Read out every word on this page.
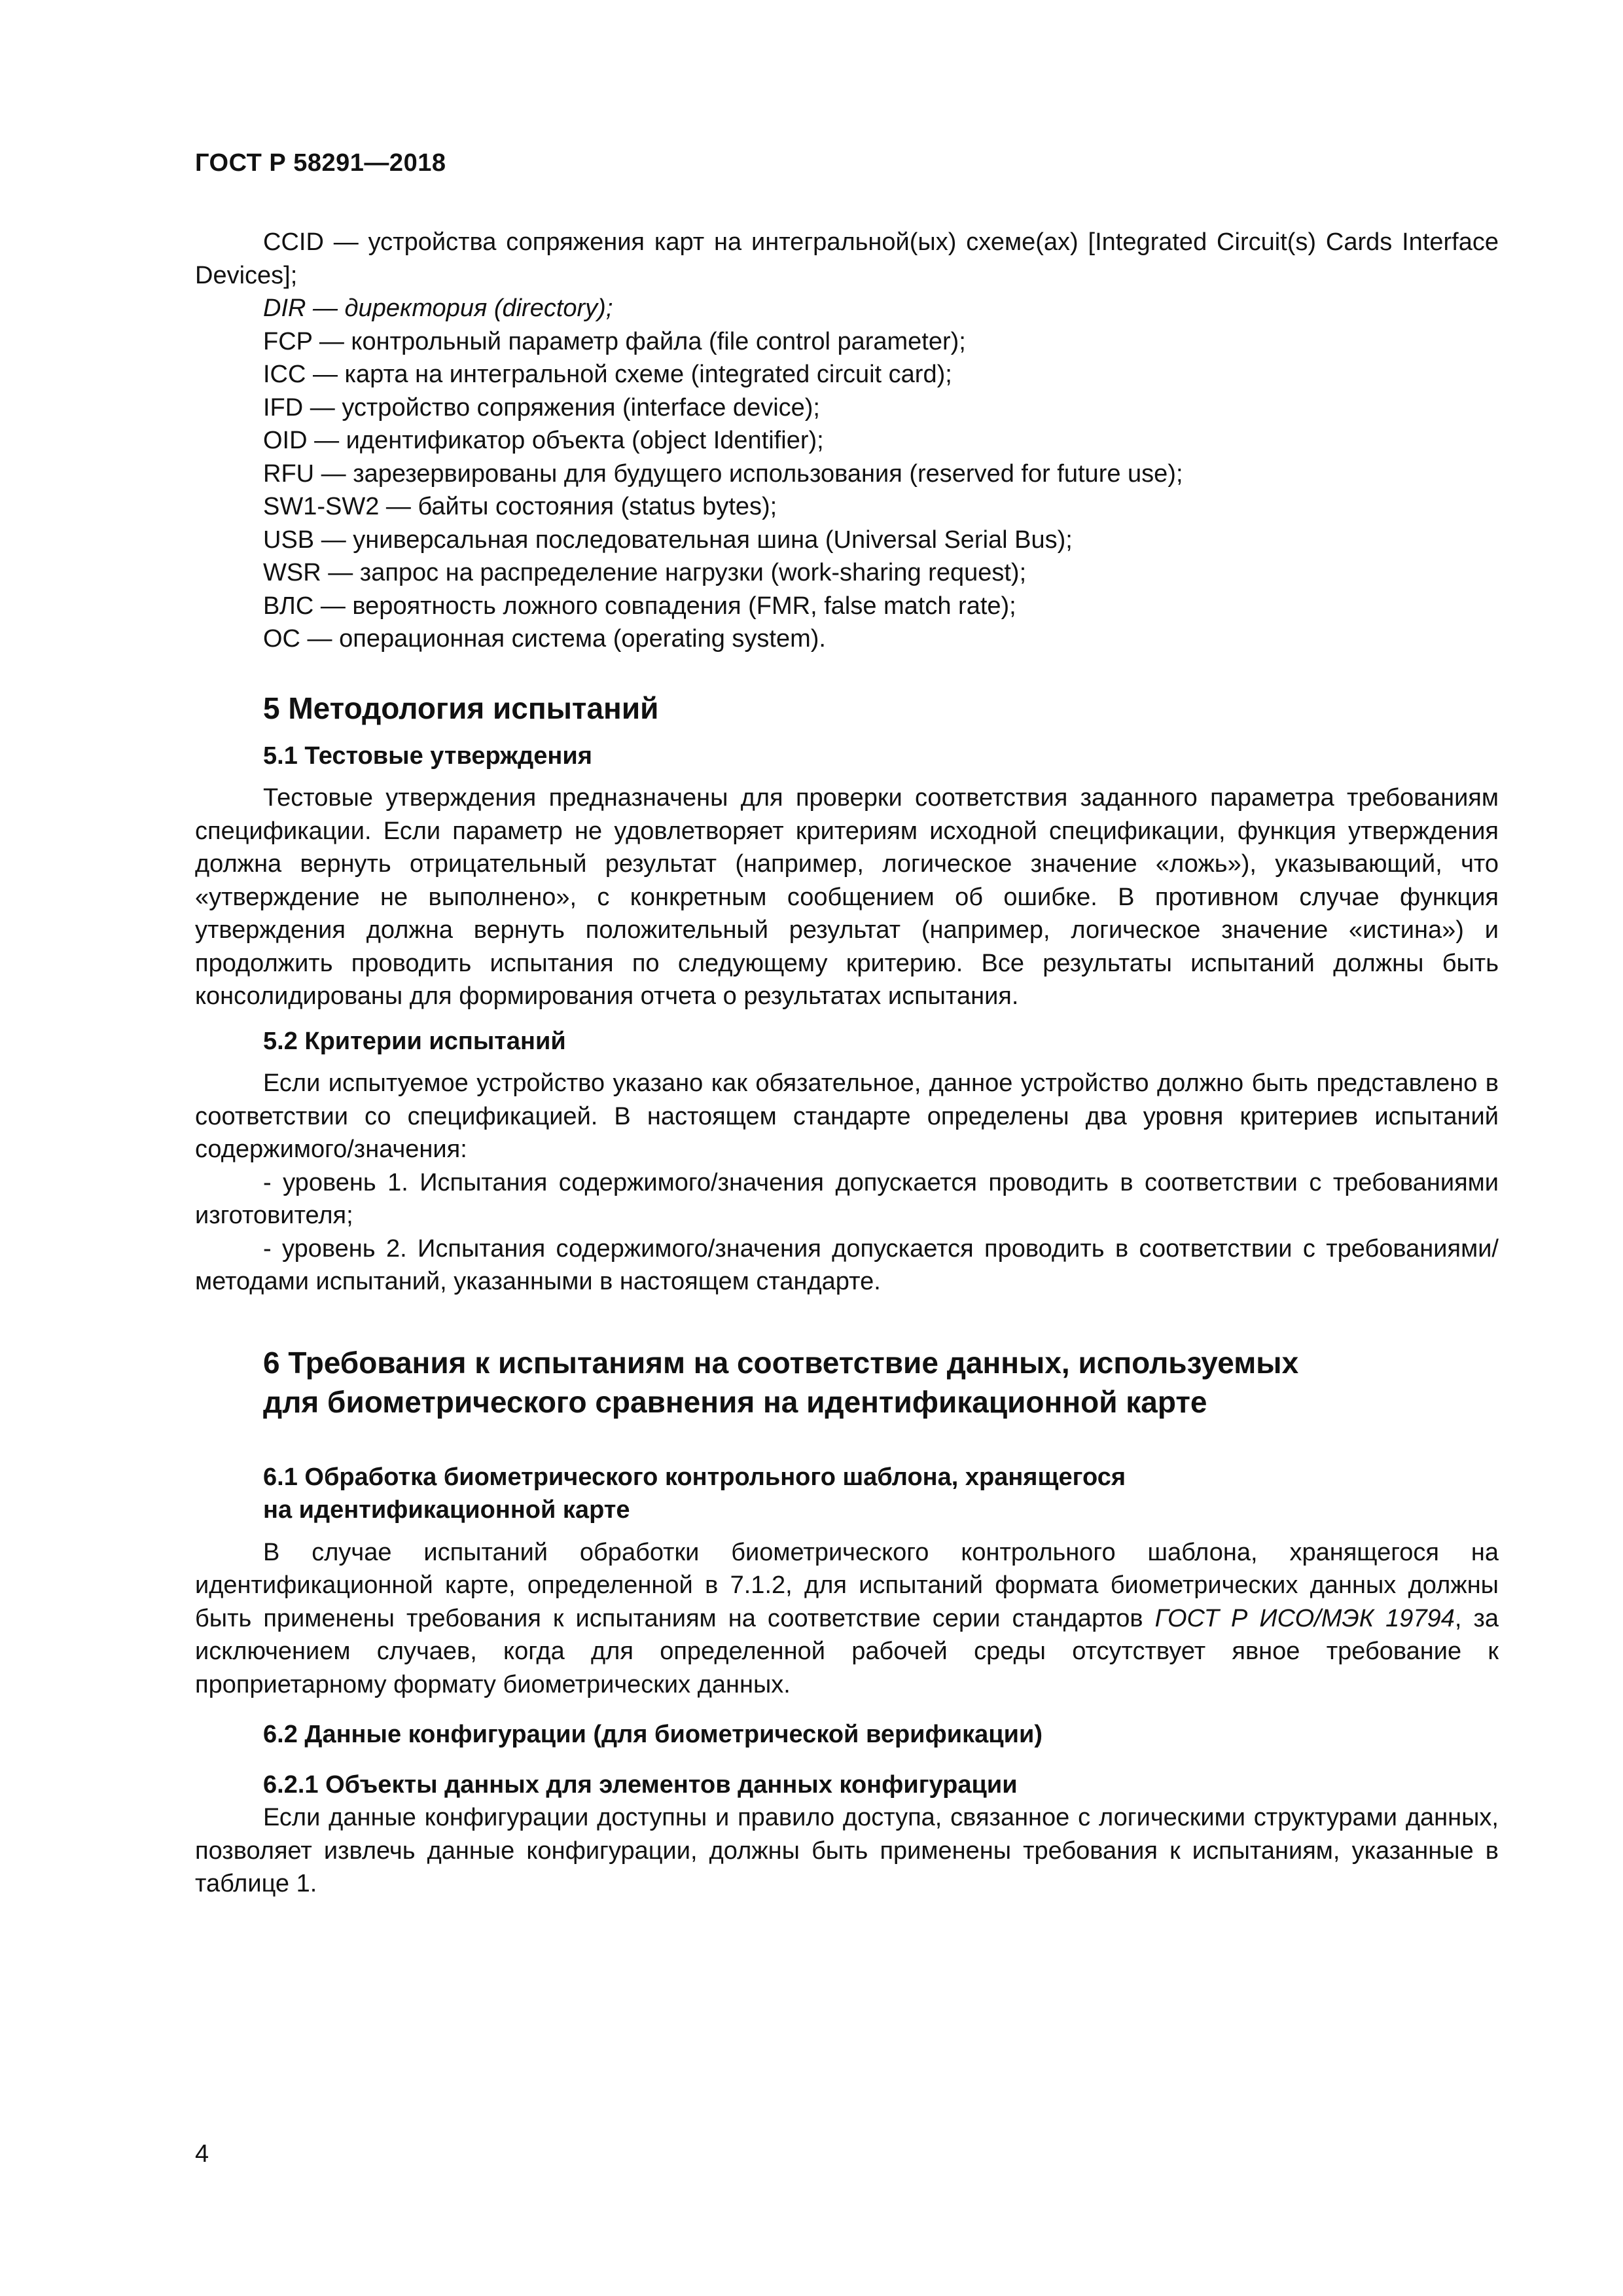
ГОСТ Р 58291—2018

CCID — устройства сопряжения карт на интегральной(ых) схеме(ах) [Integrated Circuit(s) Cards Interface Devices];

DIR — директория (directory);

FCP — контрольный параметр файла (file control parameter);

ICC — карта на интегральной схеме (integrated circuit card);

IFD — устройство сопряжения (interface device);

OID — идентификатор объекта (object Identifier);

RFU — зарезервированы для будущего использования (reserved for future use);

SW1-SW2 — байты состояния (status bytes);

USB — универсальная последовательная шина (Universal Serial Bus);

WSR — запрос на распределение нагрузки (work-sharing request);

ВЛС — вероятность ложного совпадения (FMR, false match rate);

ОС — операционная система (operating system).

5 Методология испытаний
5.1 Тестовые утверждения

Тестовые утверждения предназначены для проверки соответствия заданного параметра требованиям спецификации. Если параметр не удовлетворяет критериям исходной спецификации, функция утверждения должна вернуть отрицательный результат (например, логическое значение «ложь»), указывающий, что «утверждение не выполнено», с конкретным сообщением об ошибке. В противном случае функция утверждения должна вернуть положительный результат (например, логическое значение «истина») и продолжить проводить испытания по следующему критерию. Все результаты испытаний должны быть консолидированы для формирования отчета о результатах испытания.

5.2 Критерии испытаний

Если испытуемое устройство указано как обязательное, данное устройство должно быть представлено в соответствии со спецификацией. В настоящем стандарте определены два уровня критериев испытаний содержимого/значения:

- уровень 1. Испытания содержимого/значения допускается проводить в соответствии с требованиями изготовителя;

- уровень 2. Испытания содержимого/значения допускается проводить в соответствии с требованиями/методами испытаний, указанными в настоящем стандарте.

6 Требования к испытаниям на соответствие данных, используемых
для биометрического сравнения на идентификационной карте
6.1 Обработка биометрического контрольного шаблона, хранящегося
на идентификационной карте

В случае испытаний обработки биометрического контрольного шаблона, хранящегося на идентификационной карте, определенной в 7.1.2, для испытаний формата биометрических данных должны быть применены требования к испытаниям на соответствие серии стандартов ГОСТ Р ИСО/МЭК 19794, за исключением случаев, когда для определенной рабочей среды отсутствует явное требование к проприетарному формату биометрических данных.

6.2 Данные конфигурации (для биометрической верификации)
6.2.1 Объекты данных для элементов данных конфигурации

Если данные конфигурации доступны и правило доступа, связанное с логическими структурами данных, позволяет извлечь данные конфигурации, должны быть применены требования к испытаниям, указанные в таблице 1.

4
